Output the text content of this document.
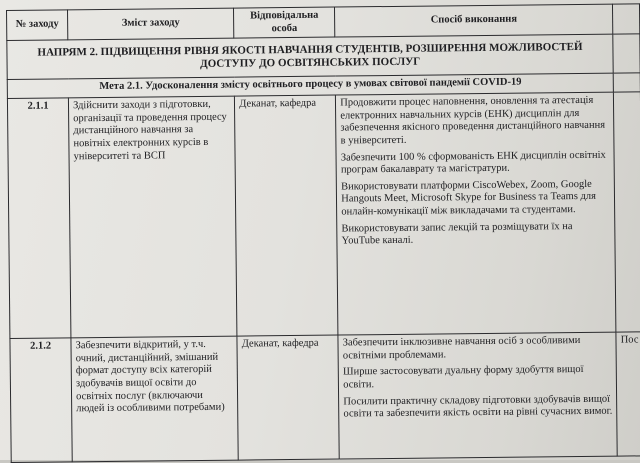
№ заходу	Зміст заходу	Відповідальна особа	Спосіб виконання	
НАПРЯМ 2. ПІДВИЩЕННЯ РІВНЯ ЯКОСТІ НАВЧАННЯ СТУДЕНТІВ, РОЗШИРЕННЯ МОЖЛИВОСТЕЙ ДОСТУПУ ДО ОСВІТЯНСЬКИХ ПОСЛУГ				
Мета 2.1. Удосконалення змісту освітнього процесу в умовах світової пандемії COVID-19				
2.1.1	Здійснити заходи з підготовки, організації та проведення процесу дистанційного навчання за новітніх електронних курсів в університеті та ВСП	Деканат, кафедра	Продовжити процес наповнення, оновлення та атестація електронних навчальних курсів (ЕНК) дисциплін для забезпечення якісного проведення дистанційного навчання в університеті.

Забезпечити 100 % сформованість ЕНК дисциплін освітніх програм бакалаврату та магістратури.

Використовувати платформи CiscoWebex, Zoom, Google Hangouts Meet, Microsoft Skype for Business та Teams для онлайн-комунікації між викладачами та студентами.

Використовувати запис лекцій та розміщувати їх на YouTube каналі.	

2.1.2	Забезпечити відкритий, у т.ч. очний, дистанційний, змішаний формат доступу всіх категорій здобувачів вищої освіти до освітніх послуг (включаючи людей із особливими потребами)	Деканат, кафедра	Забезпечити інклюзивне навчання осіб з особливими освітніми проблемами.

Ширше застосовувати дуальну форму здобуття вищої освіти.

Посилити практичну складову підготовки здобувачів вищої освіти та забезпечити якість освіти на рівні сучасних вимог.	Пос
